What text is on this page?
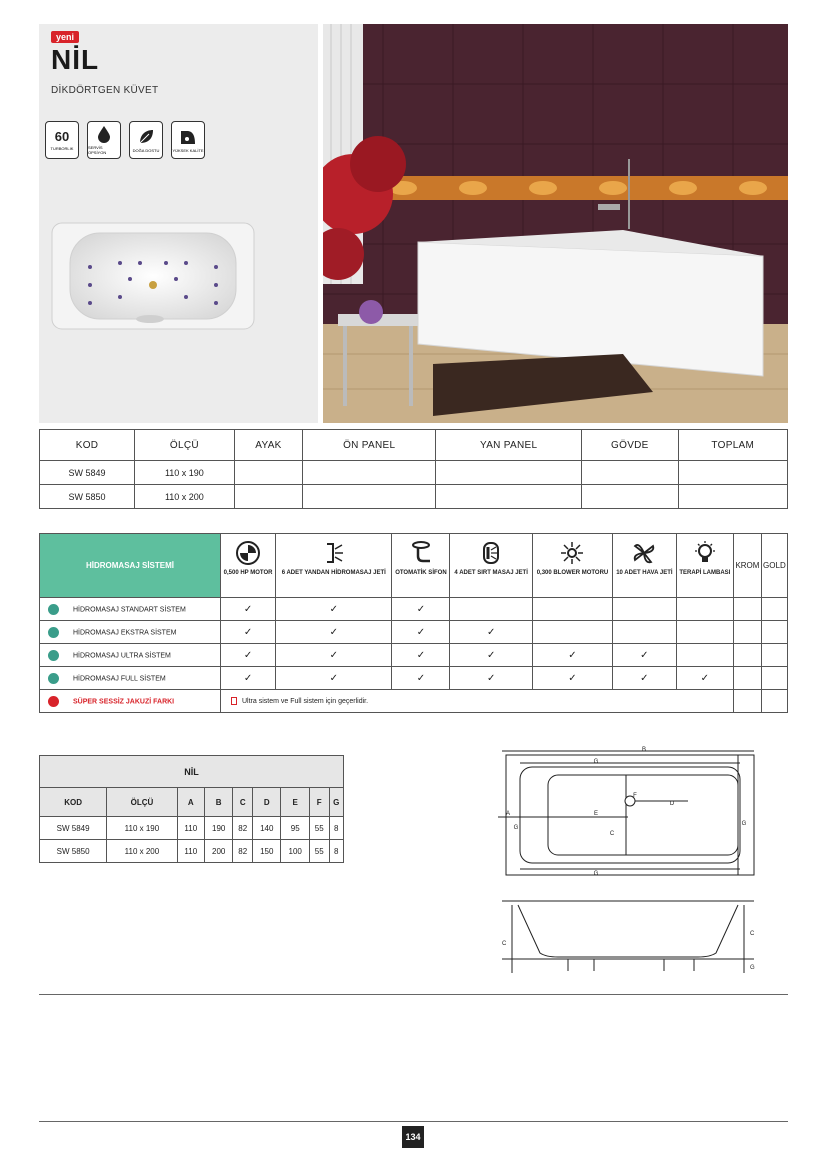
yeni
NİL
DİKDÖRTGEN KÜVET
60
TURBORLIK	SERVİS OPSİYON	DOĞA DOSTU	YÜKSEK KALİTE
KOD	ÖLÇÜ	AYAK	ÖN PANEL	YAN PANEL	GÖVDE	TOPLAM
SW 5849	110 x 190					
SW 5850	110 x 200					
HİDROMASAJ SİSTEMİ	0,500 HP MOTOR	6 ADET YANDAN HİDROMASAJ JETİ	OTOMATİK SİFON	4 ADET SIRT MASAJ JETİ	0,300 BLOWER MOTORU	10 ADET HAVA JETİ	TERAPİ LAMBASI	KROM	GOLD
HİDROMASAJ STANDART SİSTEM	✓	✓	✓						
HİDROMASAJ EKSTRA SİSTEM	✓	✓	✓	✓					
HİDROMASAJ ULTRA SİSTEM	✓	✓	✓	✓	✓	✓			
HİDROMASAJ FULL SİSTEM	✓	✓	✓	✓	✓	✓	✓		
SÜPER SESSİZ JAKUZİ FARKI	Ultra sistem ve Full sistem için geçerlidir.								
NİL								
KOD	ÖLÇÜ	A	B	C	D	E	F	G
SW 5849	110 x 190	110	190	82	140	95	55	8
SW 5850	110 x 200	110	200	82	150	100	55	8
B
G
A
G
E
F
D
C
G
G
C
C
G
134
